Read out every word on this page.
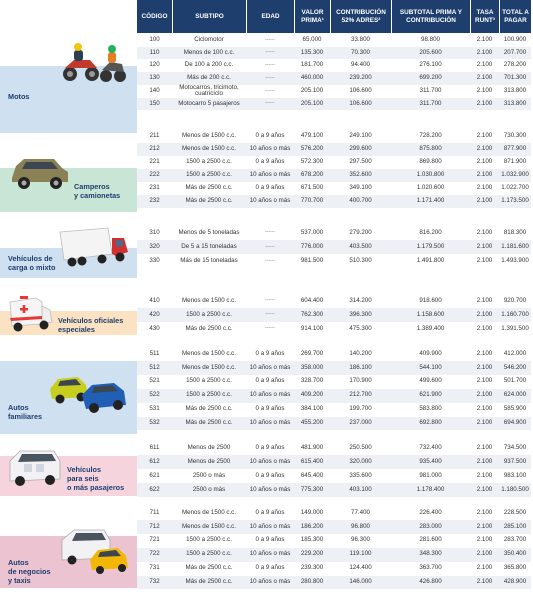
CÓDIGO	SUBTIPO	EDAD
VALOR PRIMA¹
CONTRIBUCIÓN 52% ADRES²
SUBTOTAL PRIMA Y CONTRIBUCIÓN
TASA RUNT³
TOTAL A PAGAR
Motos
100	Ciclomotor	------	65.000	33.800	98.800	2.100	100.900
110	Menos de 100 c.c.	------	135.300	70.300	205.600	2.100	207.700
120	De 100 a 200 c.c.	------	181.700	94.400	276.100	2.100	278.200
130	Más de 200 c.c.	------	460.000	239.200	699.200	2.100	701.300
140	Motocarros, tricimoto, cuatricíclo	------	205.100	106.600	311.700	2.100	313.800
150	Motocarro 5 pasajeros	------	205.100	106.600	311.700	2.100	313.800
Camperos
y camionetas
211	Menos de 1500 c.c.	0 a 9 años	479.100	249.100	728.200	2.100	730.300
212	Menos de 1500 c.c.	10 años o más	576.200	299.600	875.800	2.100	877.900
221	1500 a 2500 c.c.	0 a 9 años	572.300	297.500	869.800	2.100	871.900
222	1500 a 2500 c.c.	10 años o más	678.200	352.600	1.030.800	2.100	1.032.900
231	Más de 2500 c.c.	0 a 9 años	671.500	349.100	1.020.600	2.100	1.022.700
232	Más de 2500 c.c.	10 años o más	770.700	400.700	1.171.400	2.100	1.173.500
Vehículos de
carga o mixto
310	Menos de 5 toneladas	------	537.000	279.200	816.200	2.100	818.300
320	De 5 a 15 toneladas	------	776.000	403.500	1.179.500	2.100	1.181.600
330	Más de 15 toneladas	------	981.500	510.300	1.491.800	2.100	1.493.900
Vehículos oficiales
especiales
410	Menos de 1500 c.c.	------	604.400	314.200	918.600	2.100	920.700
420	1500 a 2500 c.c.	------	762.300	396.300	1.158.600	2.100	1.160.700
430	Más de 2500 c.c.	------	914.100	475.300	1.389.400	2.100	1.391.500
Autos
familiares
511	Menos de 1500 c.c.	0 a 9 años	269.700	140.200	409.900	2.100	412.000
512	Menos de 1500 c.c.	10 años o más	358.000	186.100	544.100	2.100	546.200
521	1500 a 2500 c.c.	0 a 9 años	328.700	170.900	499.600	2.100	501.700
522	1500 a 2500 c.c.	10 años o más	409.200	212.700	621.900	2.100	624.000
531	Más de 2500 c.c.	0 a 9 años	384.100	199.700	583.800	2.100	585.900
532	Más de 2500 c.c.	10 años o más	455.200	237.000	692.800	2.100	694.900
Vehículos
para seis
o más pasajeros
611	Menos de 2500	0 a 9 años	481.900	250.500	732.400	2.100	734.500
612	Menos de 2500	10 años o más	615.400	320.000	935.400	2.100	937.500
621	2500 o más	0 a 9 años	645.400	335.600	981.000	2.100	983.100
622	2500 o más	10 años o más	775.300	403.100	1.178.400	2.100	1.180.500
Autos
de negocios
y taxis
711	Menos de 1500 c.c.	0 a 9 años	149.000	77.400	226.400	2.100	228.500
712	Menos de 1500 c.c.	10 años o más	186.200	96.800	283.000	2.100	285.100
721	1500 a 2500 c.c.	0 a 9 años	185.300	96.300	281.600	2.100	283.700
722	1500 a 2500 c.c.	10 años o más	229.200	119.100	348.300	2.100	350.400
731	Más de 2500 c.c.	0 a 9 años	239.300	124.400	363.700	2.100	365.800
732	Más de 2500 c.c.	10 años o más	280.800	146.000	426.800	2.100	428.900
